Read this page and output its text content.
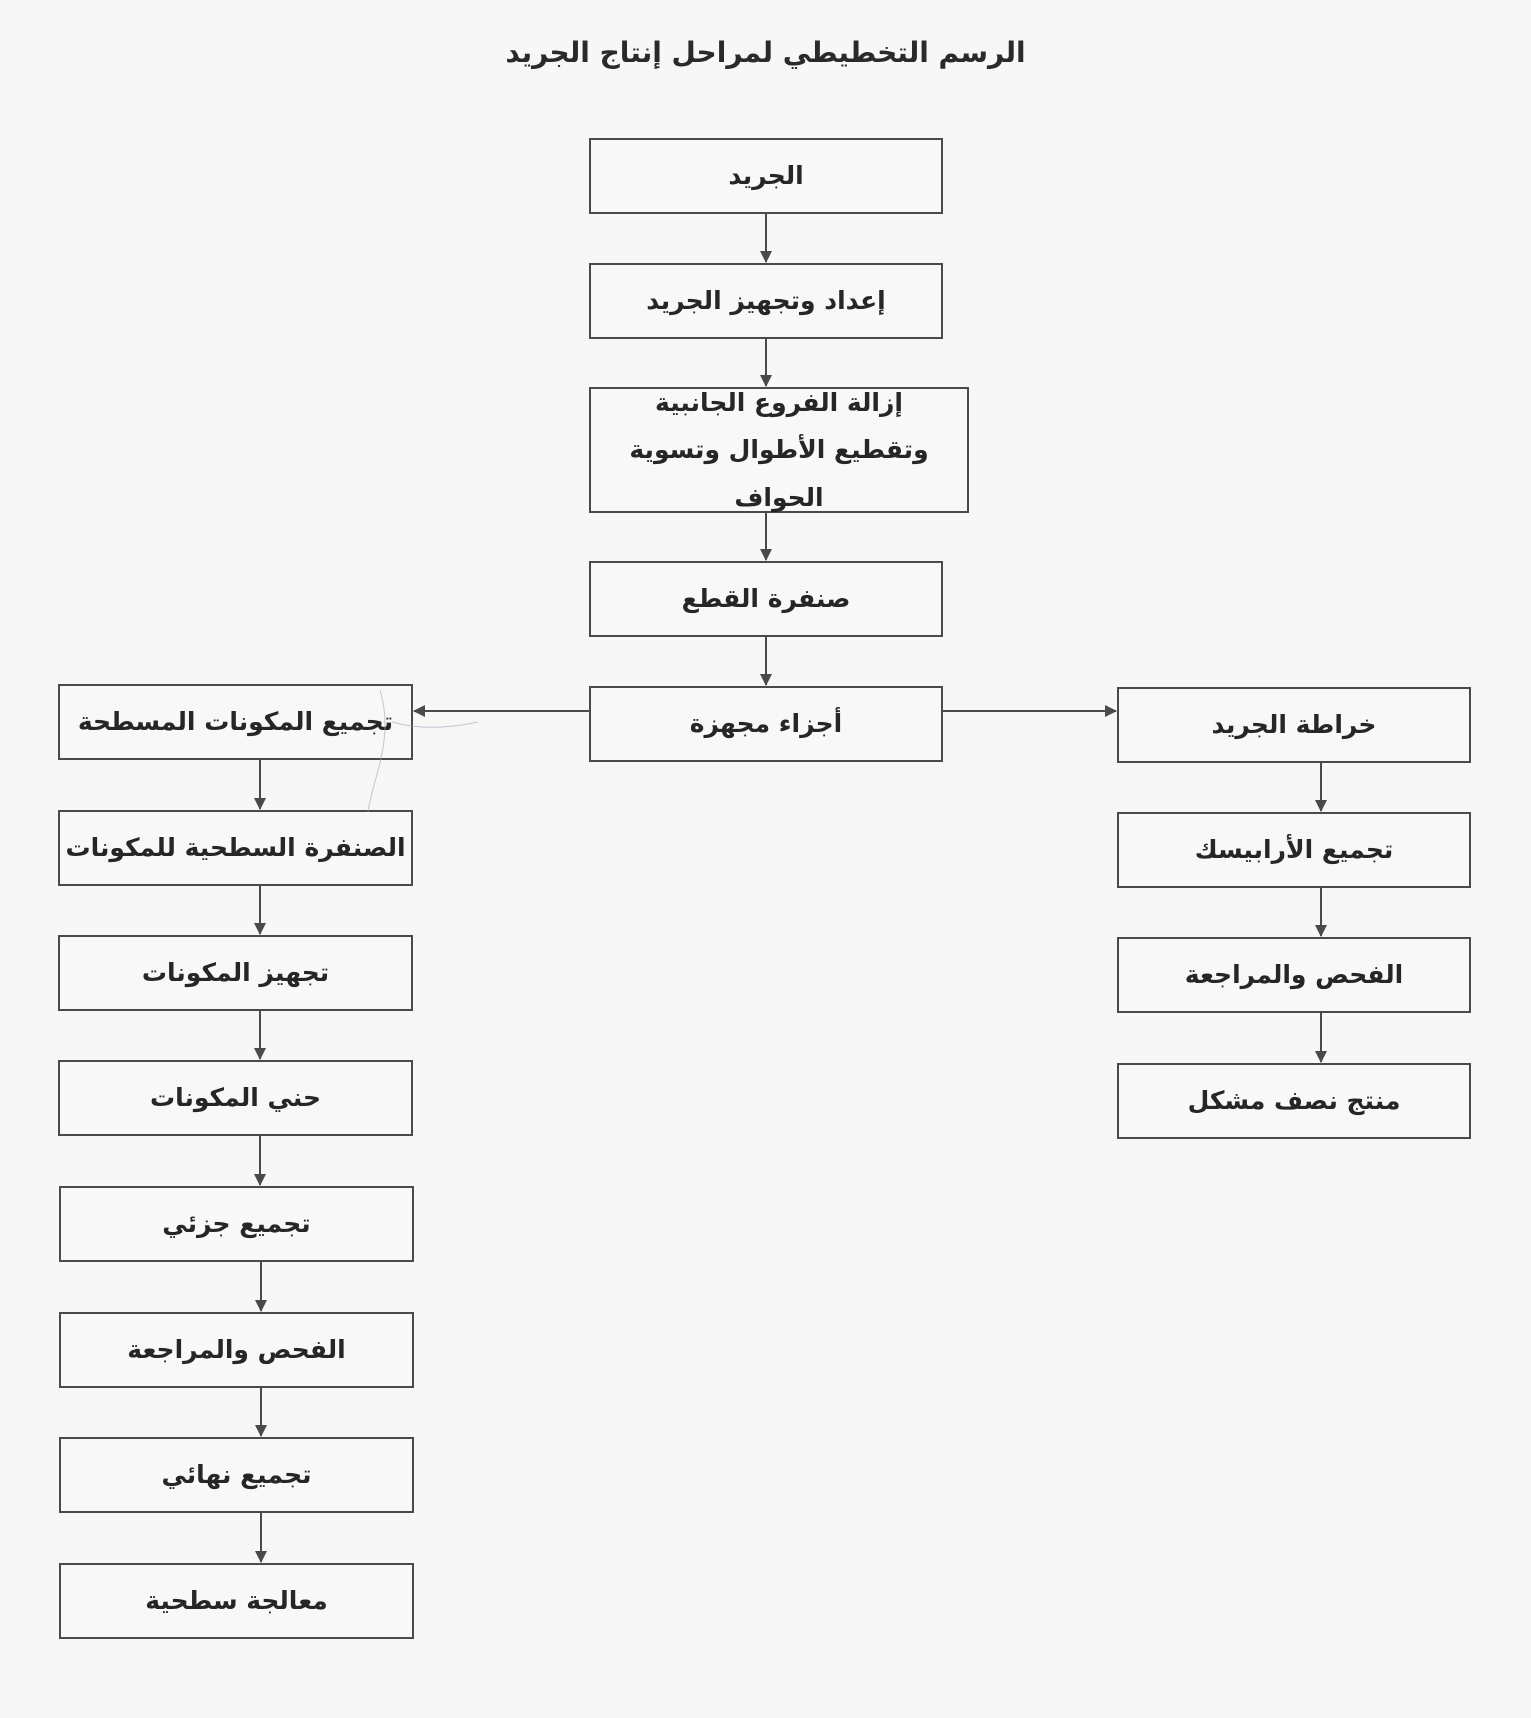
الرسم التخطيطي لمراحل إنتاج الجريد
الجريد
إعداد وتجهيز الجريد
إزالة الفروع الجانبية وتقطيع الأطوال وتسوية الحواف
صنفرة القطع
أجزاء مجهزة
تجميع المكونات المسطحة
الصنفرة السطحية للمكونات
تجهيز المكونات
حني المكونات
تجميع جزئي
الفحص والمراجعة
تجميع نهائي
معالجة سطحية
خراطة الجريد
تجميع الأرابيسك
الفحص والمراجعة
منتج نصف مشكل
